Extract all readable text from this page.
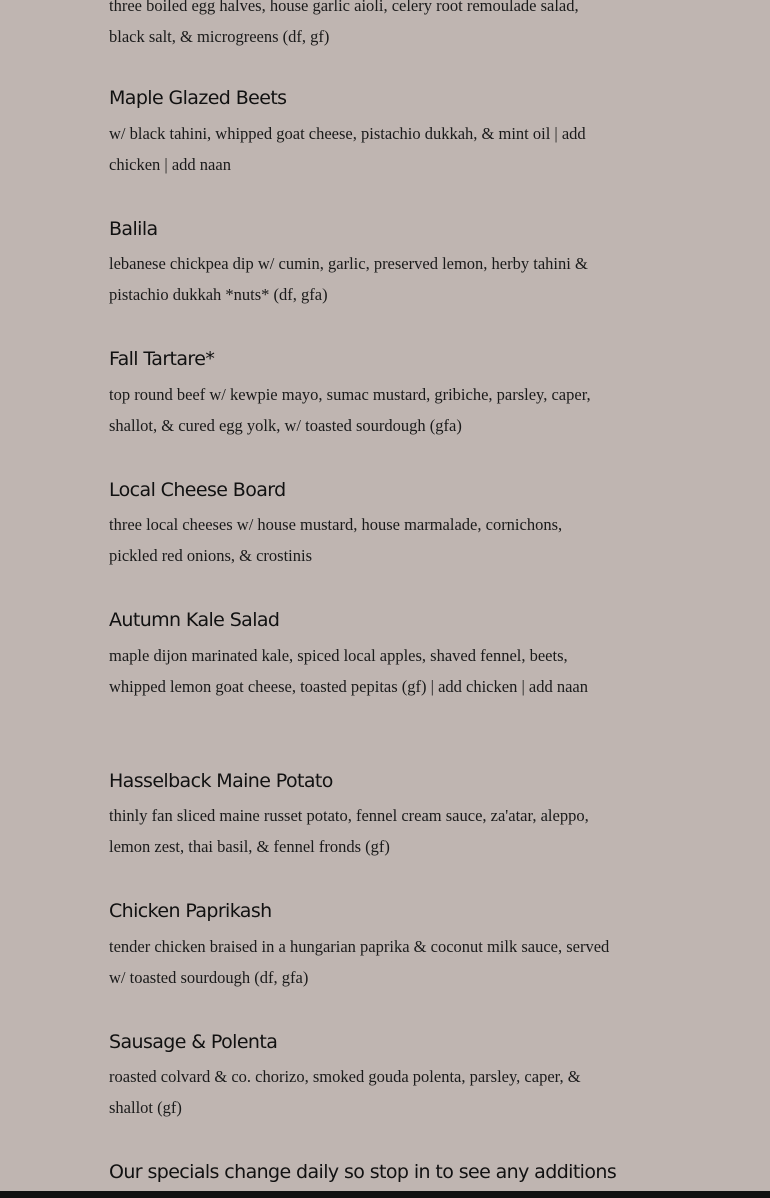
three boiled egg halves, house garlic aioli, celery root remoulade salad, black salt, & microgreens (df, gf)

Maple Glazed Beets

w/ black tahini, whipped goat cheese, pistachio dukkah, & mint oil | add chicken | add naan

Balila

lebanese chickpea dip w/ cumin, garlic, preserved lemon, herby tahini & pistachio dukkah *nuts* (df, gfa)

Fall Tartare*

top round beef w/ kewpie mayo, sumac mustard, gribiche, parsley, caper, shallot, & cured egg yolk, w/ toasted sourdough (gfa)

Local Cheese Board

three local cheeses w/ house mustard, house marmalade, cornichons, pickled red onions, & crostinis

Autumn Kale Salad

maple dijon marinated kale, spiced local apples, shaved fennel, beets, whipped lemon goat cheese, toasted pepitas (gf) | add chicken | add naan

Hasselback Maine Potato

thinly fan sliced maine russet potato, fennel cream sauce, za'atar, aleppo, lemon zest, thai basil, & fennel fronds (gf)

Chicken Paprikash

tender chicken braised in a hungarian paprika & coconut milk sauce, served w/ toasted sourdough (df, gfa)

Sausage & Polenta

roasted colvard & co. chorizo, smoked gouda polenta, parsley, caper, & shallot (gf)

Our specials change daily so stop in to see any additions
